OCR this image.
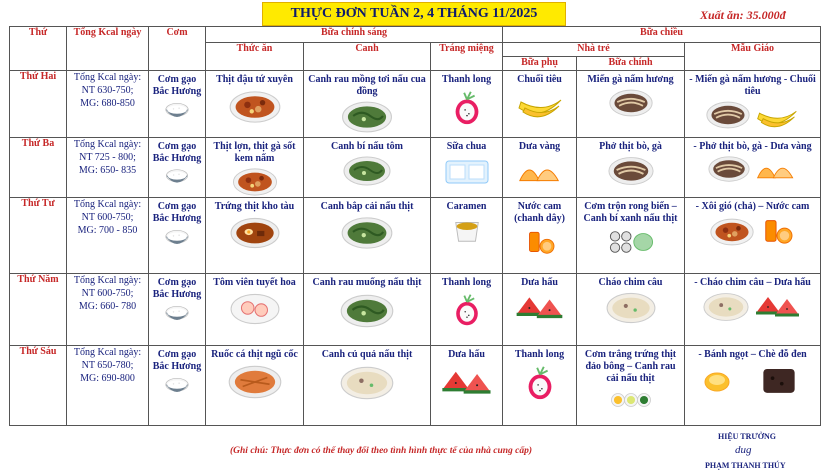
THỰC ĐƠN TUẦN 2, 4 THÁNG 11/2025	Xuất ăn: 35.000đ
Thứ	Tổng Kcal ngày	Cơm	Bữa chính sáng			Bữa chiều		
			Thức ăn	Canh	Tráng miệng	Nhà trẻ		Mẫu Giáo
						Bữa phụ	Bữa chính	
Thứ Hai	Tổng Kcal ngày:
NT 630-750;
MG: 680-850	Cơm gạo Bắc Hương	Thịt đậu tứ xuyên	Canh rau mồng tơi nấu cua đồng	Thanh long	Chuối tiêu	Miến gà nấm hương	- Miến gà nấm hương - Chuối tiêu

Thứ Ba	Tổng Kcal ngày:
NT 725 - 800;
MG: 650- 835	Cơm gạo Bắc Hương	Thịt lợn, thịt gà sốt kem nấm	Canh bí nấu tôm	Sữa chua	Dưa vàng	Phở thịt bò, gà	- Phở thịt bò, gà - Dưa vàng

Thứ Tư	Tổng Kcal ngày:
NT 600-750;
MG: 700 - 850	Cơm gạo Bắc Hương	Trứng thịt kho tàu	Canh bắp cải nấu thịt	Caramen	Nước cam (chanh dây)	Cơm trộn rong biển – Canh bí xanh nấu thịt	- Xôi gió (chả) – Nước cam

Thứ Năm	Tổng Kcal ngày:
NT 600-750;
MG: 660- 780	Cơm gạo Bắc Hương	Tôm viên tuyết hoa	Canh rau muống nấu thịt	Thanh long	Dưa hấu	Cháo chim câu	- Cháo chim câu – Dưa hấu

Thứ Sáu	Tổng Kcal ngày:
NT 650-780;
MG: 690-800	Cơm gạo Bắc Hương	Ruốc cá thịt ngũ cốc	Canh củ quả nấu thịt	Dưa hấu	Thanh long	Cơm trắng trứng thịt đảo bông – Canh rau cải nấu thịt	- Bánh ngọt – Chè đỗ đen
(Ghi chú: Thực đơn có thể thay đổi theo tình hình thực tế của nhà cung cấp)
HIỆU TRƯỞNG
dug
PHẠM THANH THÚY
